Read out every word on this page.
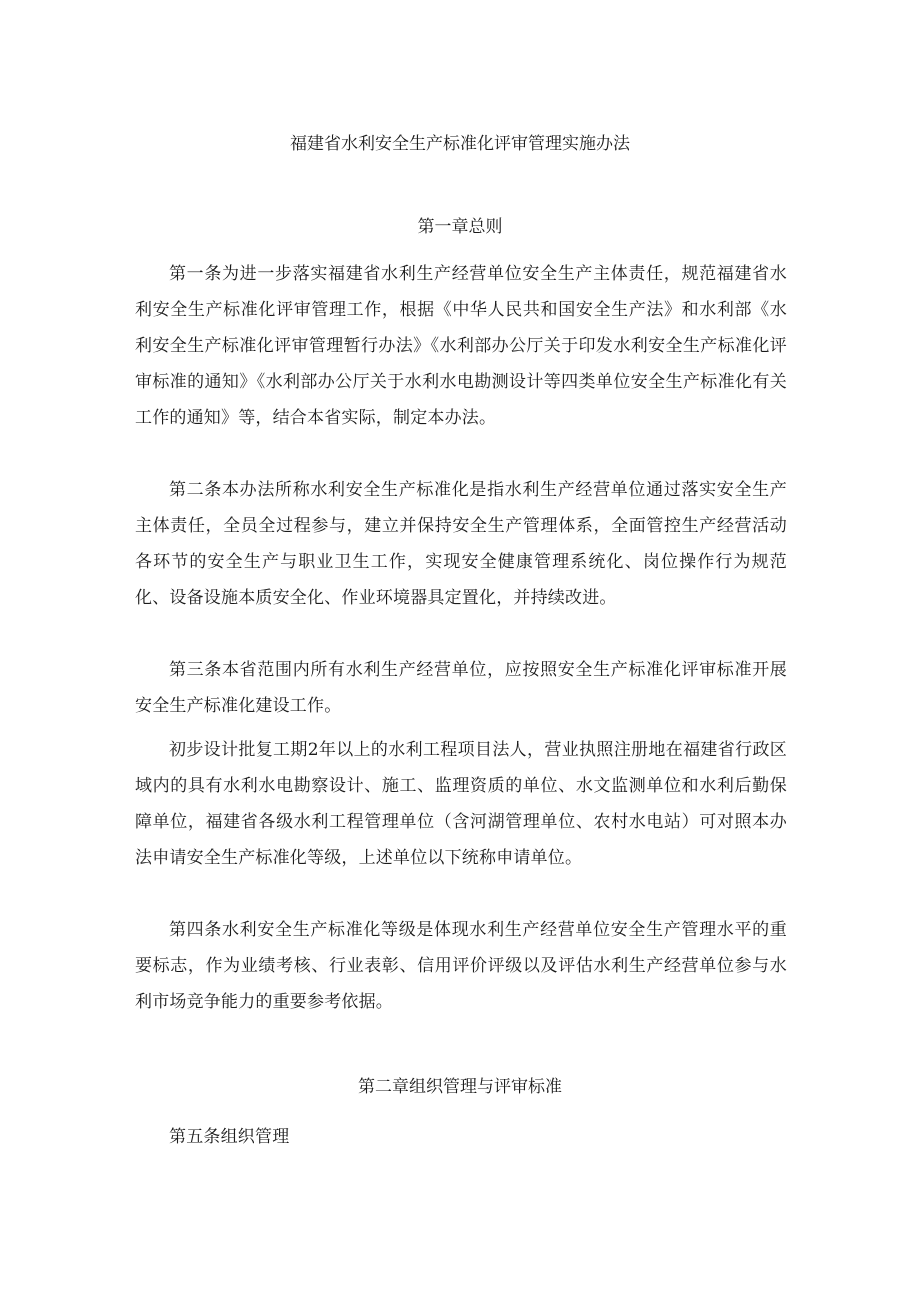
福建省水利安全生产标准化评审管理实施办法
第一章总则

第一条为进一步落实福建省水利生产经营单位安全生产主体责任，规范福建省水利安全生产标准化评审管理工作，根据《中华人民共和国安全生产法》和水利部《水利安全生产标准化评审管理暂行办法》《水利部办公厅关于印发水利安全生产标准化评审标准的通知》《水利部办公厅关于水利水电勘测设计等四类单位安全生产标准化有关工作的通知》等，结合本省实际，制定本办法。

第二条本办法所称水利安全生产标准化是指水利生产经营单位通过落实安全生产主体责任，全员全过程参与，建立并保持安全生产管理体系，全面管控生产经营活动各环节的安全生产与职业卫生工作，实现安全健康管理系统化、岗位操作行为规范化、设备设施本质安全化、作业环境器具定置化，并持续改进。

第三条本省范围内所有水利生产经营单位，应按照安全生产标准化评审标准开展安全生产标准化建设工作。

初步设计批复工期2年以上的水利工程项目法人，营业执照注册地在福建省行政区域内的具有水利水电勘察设计、施工、监理资质的单位、水文监测单位和水利后勤保障单位，福建省各级水利工程管理单位（含河湖管理单位、农村水电站）可对照本办法申请安全生产标准化等级，上述单位以下统称申请单位。

第四条水利安全生产标准化等级是体现水利生产经营单位安全生产管理水平的重要标志，作为业绩考核、行业表彰、信用评价评级以及评估水利生产经营单位参与水利市场竞争能力的重要参考依据。

第二章组织管理与评审标准

第五条组织管理
